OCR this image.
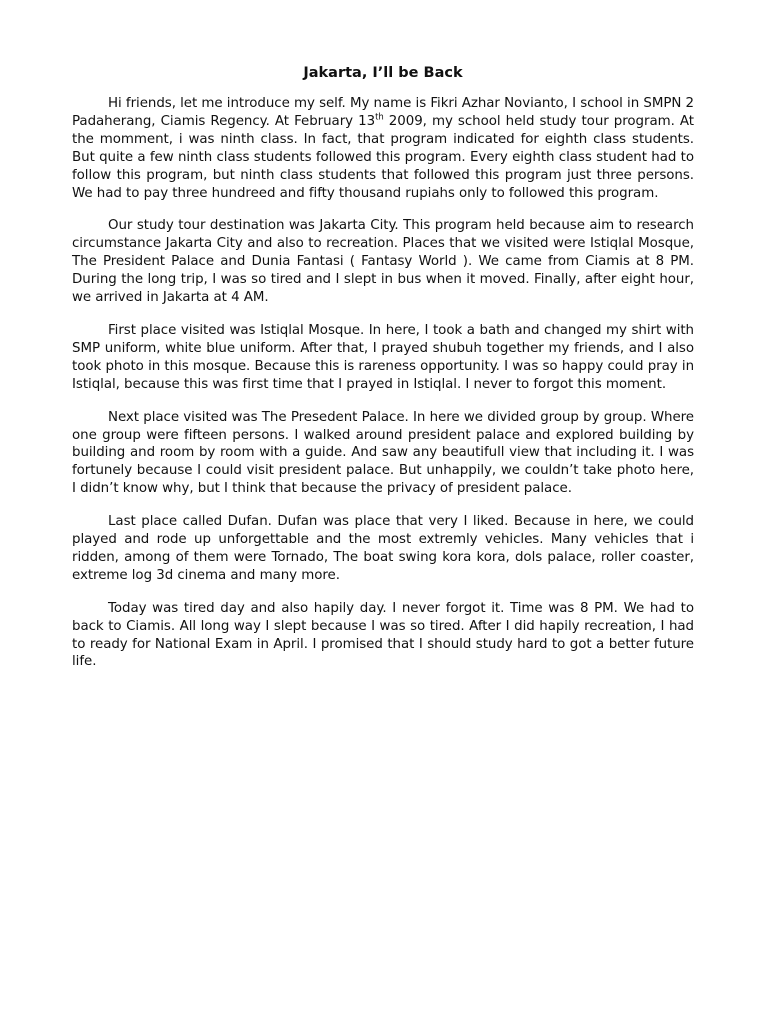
Jakarta, I’ll be Back

Hi friends, let me introduce my self. My name is Fikri Azhar Novianto, I school in SMPN 2 Padaherang, Ciamis Regency. At February 13th 2009, my school held study tour program. At the momment, i was ninth class. In fact, that program indicated for eighth class students. But quite a few ninth class students followed this program. Every eighth class student had to follow this program, but ninth class students that followed this program just three persons. We had to pay three hundreed and fifty thousand rupiahs only to followed this program.

Our study tour destination was Jakarta City. This program held because aim to research circumstance Jakarta City and also to recreation. Places that we visited were Istiqlal Mosque, The President Palace and Dunia Fantasi ( Fantasy World ). We came from Ciamis at 8 PM. During the long trip, I was so tired and I slept in bus when it moved. Finally, after eight hour, we arrived in Jakarta at 4 AM.

First place visited was Istiqlal Mosque. In here, I took a bath and changed my shirt with SMP uniform, white blue uniform. After that, I prayed shubuh together my friends, and I also took photo in this mosque. Because this is rareness opportunity. I was so happy could pray in Istiqlal, because this was first time that I prayed in Istiqlal. I never to forgot this moment.

Next place visited was The Presedent Palace. In here we divided group by group. Where one group were fifteen persons. I walked around president palace and explored building by building and room by room with a guide. And saw any beautifull view that including it. I was fortunely because I could visit president palace. But unhappily, we couldn’t take photo here, I didn’t know why, but I think that because the privacy of president palace.

Last place called Dufan. Dufan was place that very I liked. Because in here, we could played and rode up unforgettable and the most extremly vehicles. Many vehicles that i ridden, among of them were Tornado, The boat swing kora kora, dols palace, roller coaster, extreme log 3d cinema and many more.

Today was tired day and also hapily day. I never forgot it. Time was 8 PM. We had to back to Ciamis. All long way I slept because I was so tired. After I did hapily recreation, I had to ready for National Exam in April. I promised that I should study hard to got a better future life.
